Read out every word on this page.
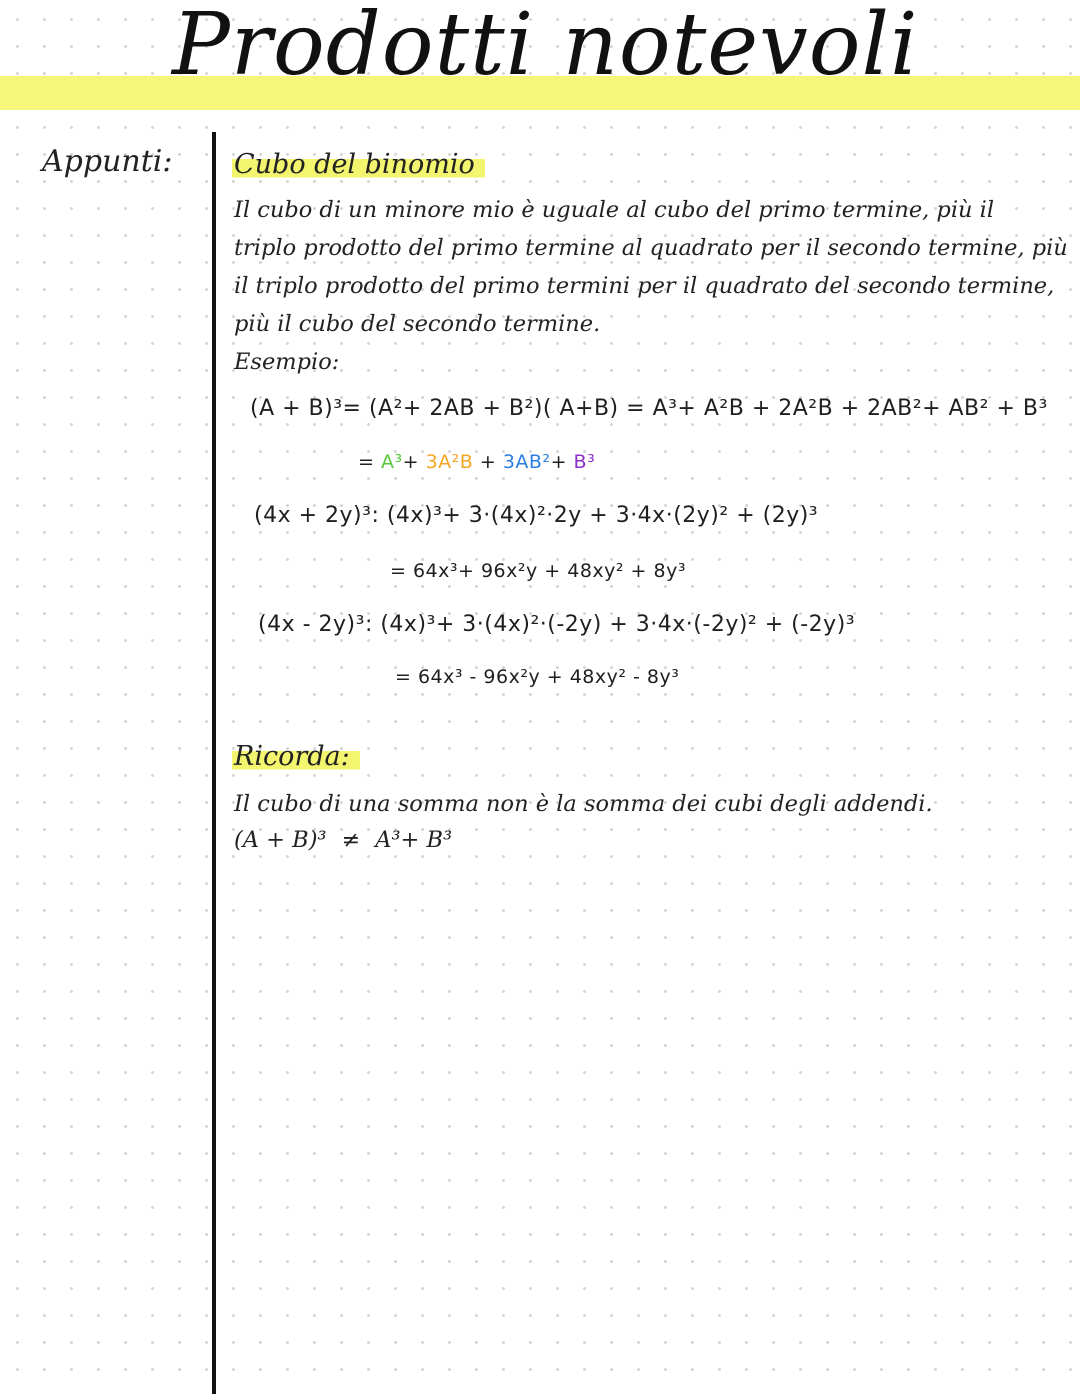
Prodotti notevoli

Appunti: Cubo del binomio

Il cubo di un minore mio è uguale al cubo del primo termine, più il

triplo prodotto del primo termine al quadrato per il secondo termine, più

il triplo prodotto del primo termini per il quadrato del secondo termine,

più il cubo del secondo termine.

Esempio:

(A + B)³= (A²+ 2AB + B²)( A+B) = A³+ A²B + 2A²B + 2AB²+ AB² + B³

= A³+ 3A²B + 3AB²+ B³

(4x + 2y)³: (4x)³+ 3·(4x)²·2y + 3·4x·(2y)² + (2y)³

= 64x³+ 96x²y + 48xy² + 8y³

(4x - 2y)³: (4x)³+ 3·(4x)²·(-2y) + 3·4x·(-2y)² + (-2y)³

= 64x³ - 96x²y + 48xy² - 8y³

Ricorda:

Il cubo di una somma non è la somma dei cubi degli addendi.

(A + B)³ ≠ A³+ B³
